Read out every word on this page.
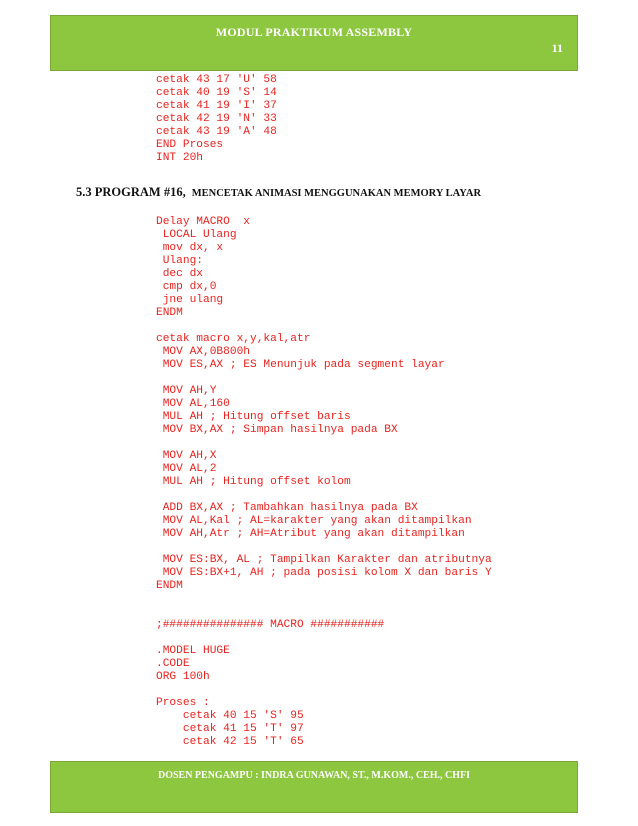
MODUL PRAKTIKUM ASSEMBLY
11
cetak 43 17 'U' 58
cetak 40 19 'S' 14
cetak 41 19 'I' 37
cetak 42 19 'N' 33
cetak 43 19 'A' 48
END Proses
INT 20h
5.3 PROGRAM #16, MENCETAK ANIMASI MENGGUNAKAN MEMORY LAYAR
Delay MACRO  x
LOCAL Ulang
mov dx, x
Ulang:
dec dx
cmp dx,0
jne ulang
ENDM

cetak macro x,y,kal,atr
MOV AX,0B800h
MOV ES,AX ; ES Menunjuk pada segment layar

MOV AH,Y
MOV AL,160
MUL AH ; Hitung offset baris
MOV BX,AX ; Simpan hasilnya pada BX

MOV AH,X
MOV AL,2
MUL AH ; Hitung offset kolom

ADD BX,AX ; Tambahkan hasilnya pada BX
MOV AL,Kal ; AL=karakter yang akan ditampilkan
MOV AH,Atr ; AH=Atribut yang akan ditampilkan

MOV ES:BX, AL ; Tampilkan Karakter dan atributnya
MOV ES:BX+1, AH ; pada posisi kolom X dan baris Y
ENDM

;############### MACRO ###########

.MODEL HUGE
.CODE
ORG 100h

Proses :
cetak 40 15 'S' 95
cetak 41 15 'T' 97
cetak 42 15 'T' 65
DOSEN PENGAMPU : INDRA GUNAWAN, ST., M.KOM., CEH., CHFI
